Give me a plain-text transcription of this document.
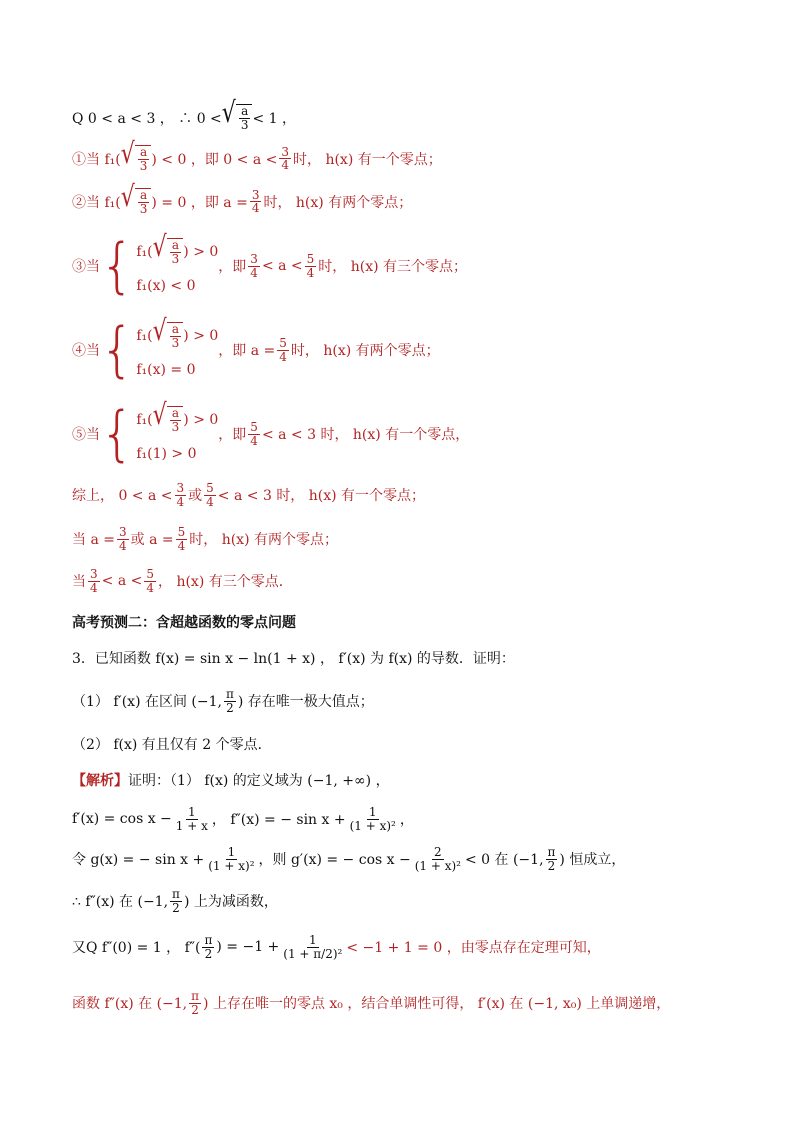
Q 0 < a < 3 ， ∴ 0 < √ $\frac{a}{3} < 1$ ，
①当 f₁( √ $\frac{a}{3}$ ) < 0 ，即 0 < a <
3
4 时， h(x) 有一个零点；
②当 f₁( √ $\frac{a}{3}$ ) = 0 ，即 $a = \frac{3}{4}$ 时， h(x) 有两个零点；
③当 { f₁( √ $\frac{a}{3}$ ) > 0
f₁(x) < 0
，即
3
4 < a < 5
4 时， h(x) 有三个零点；
④当 { f₁( √ $\frac{a}{3}$ ) > 0
f₁(x) = 0
，即 $a = \frac{5}{4}$ 时， h(x) 有两个零点；
⑤当 { f₁( √ $\frac{a}{3}$ ) > 0
f₁(1) > 0
，即
5
4 < a < 3 时， h(x) 有一个零点，
综上， 0 < a <
3
4 或
5
4 < a < 3 时， h(x) 有一个零点；
当 $a = \frac{3}{4}$ 或 $a = \frac{5}{4}$ 时， h(x) 有两个零点；
当
3
4 < a < 5
4 ， h(x) 有三个零点．
高考预测二：含超越函数的零点问题
3．已知函数 f(x) = sin x − ln(1 + x) ， f′(x) 为 f(x) 的导数．证明：
（1） f′(x) 在区间 (−1,
π
2 ) 存在唯一极大值点；
（2） f(x) 有且仅有 2 个零点．
【解析】 证明：（1） f(x) 的定义域为 (−1, +∞) ，
$f'(x) = \cos x - \frac{1}{1 + x}$ ， f″(x) = − $\sin x + \frac{1}{\text{(1 + x)²}}$ ，
令 g(x) = − $\sin x + \frac{1}{\text{(1 + x)²}}$ ，则 g′(x) = − $\cos x - \frac{2}{\text{(1 + x)²}} < 0$ 在 (−1,
π
2 ) 恒成立，
∴ f″(x) 在 (−1,
π
2 ) 上为减函数，
又Q f″(0) = 1 ， f″(
π
2 ) = $-1 + \frac{1}{\text{(1 + π/2)²}} < -1 + 1 = 0$ ，由零点存在定理可知，
函数 f″(x) 在 (−1,
π
2 ) 上存在唯一的零点 x₀ ，结合单调性可得， f′(x) 在 (−1, x₀) 上单调递增，
